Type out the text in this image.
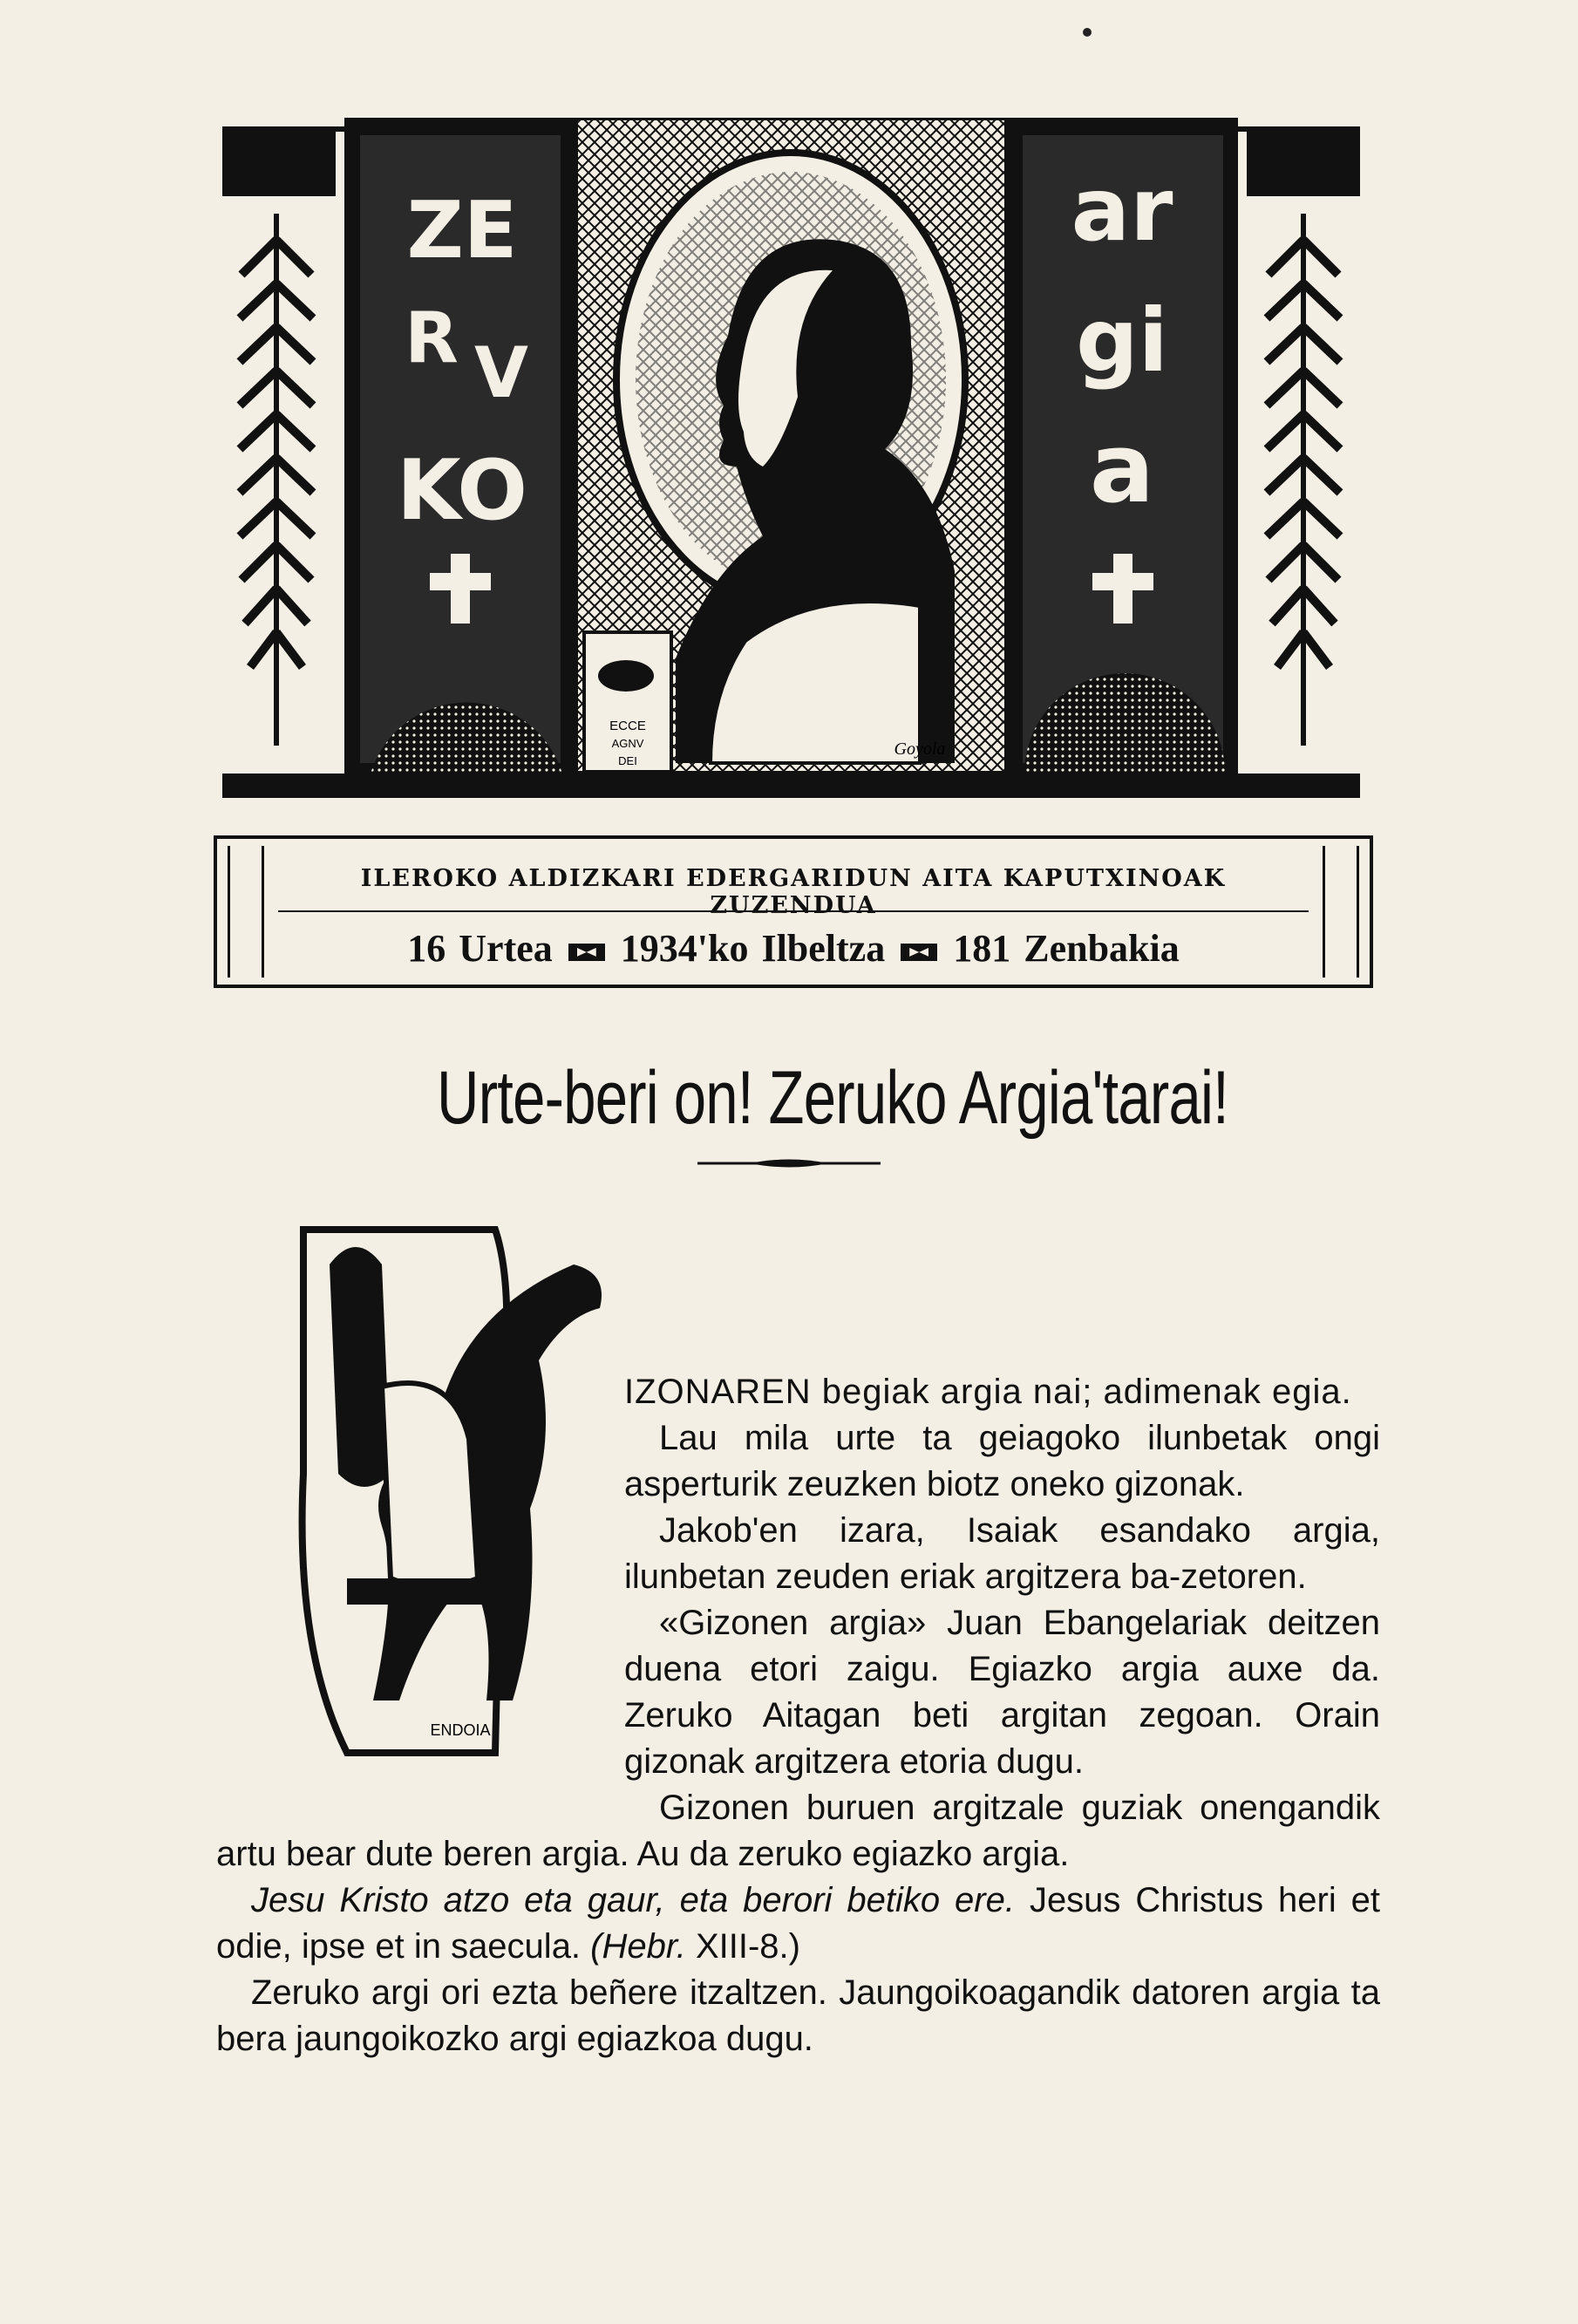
ECCE
AGNV
DEI
Goyola
ZE
R V
KO
ar
gi
a
ILEROKO ALDIZKARI EDERGARIDUN AITA KAPUTXINOAK ZUZENDUA
16 Urtea 1934'ko Ilbeltza 181 Zenbakia
Urte-beri on! Zeruko Argia'tarai!
ENDOIA

IZONAREN begiak argia nai; adimenak egia.

Lau mila urte ta geiagoko ilunbetak ongi asperturik zeuzken biotz oneko gizonak.

Jakob'en izara, Isaiak esandako argia, ilunbetan zeuden eriak argitzera ba-zetoren.

«Gizonen argia» Juan Ebangelariak deitzen duena etori zaigu. Egiazko argia auxe da. Zeruko Aitagan beti argitan zegoan. Orain gizonak argitzera etoria dugu.

Gizonen buruen argitzale guziak onengandik artu bear dute beren argia. Au da zeruko egiazko argia.

Jesu Kristo atzo eta gaur, eta berori betiko ere. Jesus Christus heri et odie, ipse et in saecula. (Hebr. XIII-8.)

Zeruko argi ori ezta beñere itzaltzen. Jaungoikoagandik datoren argia ta bera jaungoikozko argi egiazkoa dugu.
